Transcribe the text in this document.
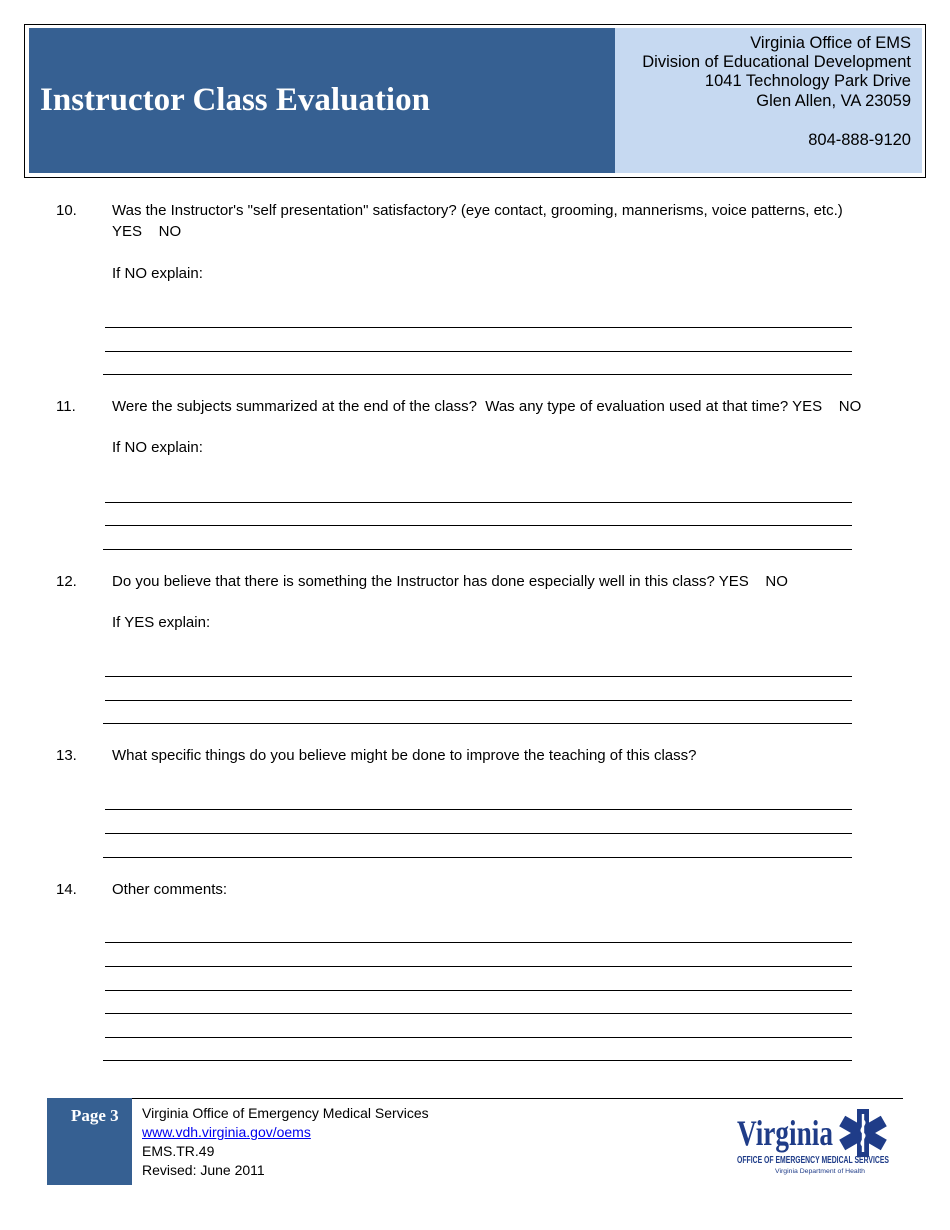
Instructor Class Evaluation
Virginia Office of EMS
Division of Educational Development
1041 Technology Park Drive
Glen Allen, VA 23059
804-888-9120
10. Was the Instructor's "self presentation" satisfactory? (eye contact, grooming, mannerisms, voice patterns, etc.)
YES    NO
If NO explain:
11. Were the subjects summarized at the end of the class?  Was any type of evaluation used at that time? YES    NO
If NO explain:
12. Do you believe that there is something the Instructor has done especially well in this class? YES    NO
If YES explain:
13. What specific things do you believe might be done to improve the teaching of this class?
14. Other comments:
Page 3 Virginia Office of Emergency Medical Services
www.vdh.virginia.gov/oems
EMS.TR.49
Revised: June 2011
Virginia
OFFICE OF EMERGENCY MEDICAL SERVICES
Virginia Department of Health
